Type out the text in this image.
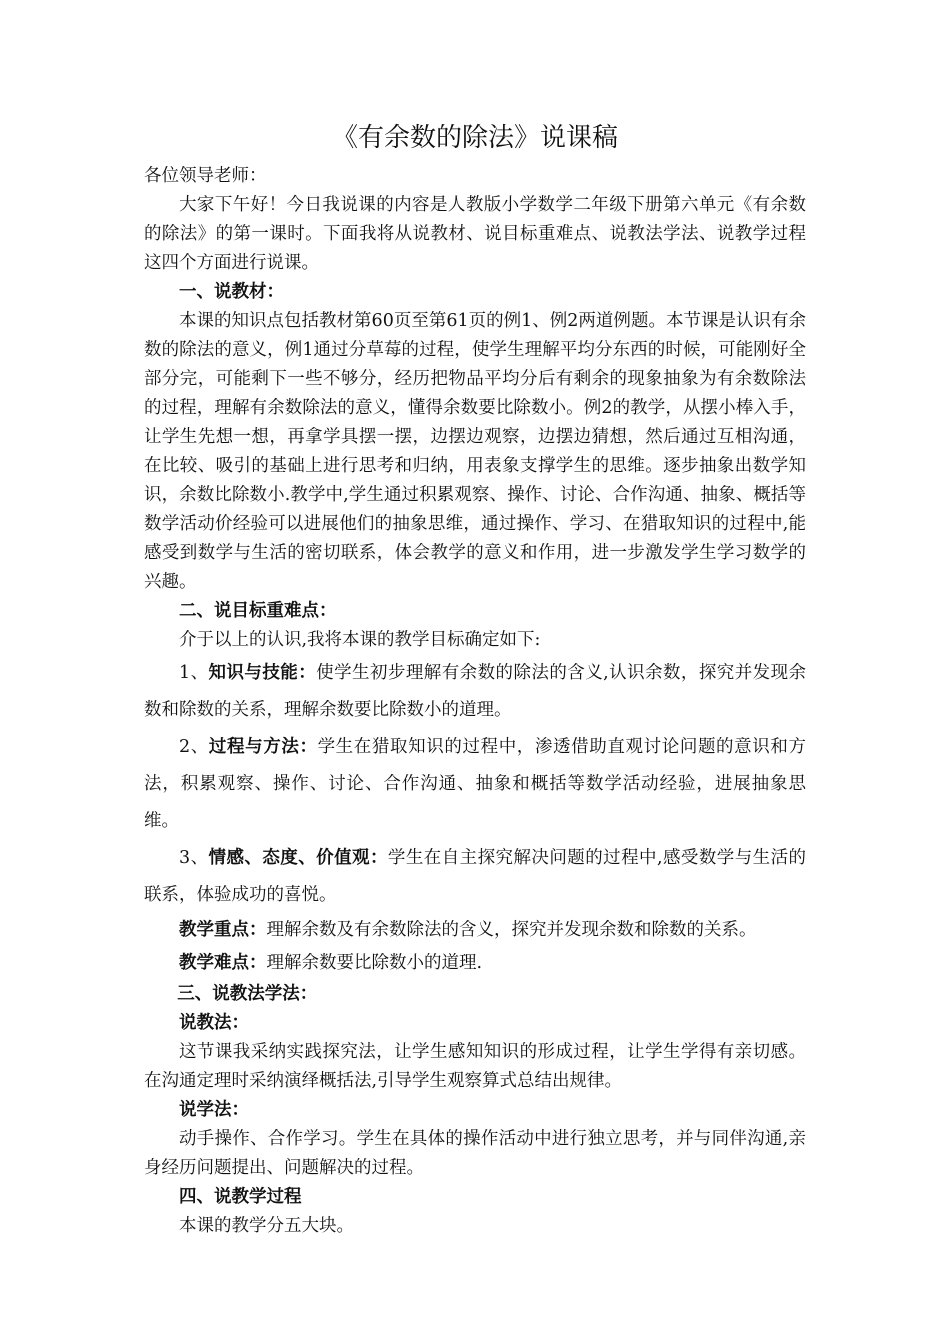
《有余数的除法》说课稿

各位领导老师：

大家下午好！今日我说课的内容是人教版小学数学二年级下册第六单元《有余数的除法》的第一课时。下面我将从说教材、说目标重难点、说教法学法、说教学过程这四个方面进行说课。

一、说教材：

本课的知识点包括教材第60页至第61页的例1、例2两道例题。本节课是认识有余数的除法的意义，例1通过分草莓的过程，使学生理解平均分东西的时候，可能刚好全部分完，可能剩下一些不够分，经历把物品平均分后有剩余的现象抽象为有余数除法的过程，理解有余数除法的意义，懂得余数要比除数小。例2的教学，从摆小棒入手，让学生先想一想，再拿学具摆一摆，边摆边观察，边摆边猜想，然后通过互相沟通，在比较、吸引的基础上进行思考和归纳，用表象支撑学生的思维。逐步抽象出数学知识，余数比除数小.教学中,学生通过积累观察、操作、讨论、合作沟通、抽象、概括等数学活动价经验可以进展他们的抽象思维，通过操作、学习、在猎取知识的过程中,能感受到数学与生活的密切联系，体会教学的意义和作用，进一步激发学生学习数学的兴趣。

二、说目标重难点：

介于以上的认识,我将本课的教学目标确定如下:

1、知识与技能：使学生初步理解有余数的除法的含义,认识余数，探究并发现余数和除数的关系，理解余数要比除数小的道理。

2、过程与方法：学生在猎取知识的过程中，渗透借助直观讨论问题的意识和方法，积累观察、操作、讨论、合作沟通、抽象和概括等数学活动经验，进展抽象思维。

3、情感、态度、价值观：学生在自主探究解决问题的过程中,感受数学与生活的联系，体验成功的喜悦。

教学重点：理解余数及有余数除法的含义，探究并发现余数和除数的关系。

教学难点：理解余数要比除数小的道理.

三、说教法学法：

说教法：

这节课我采纳实践探究法，让学生感知知识的形成过程，让学生学得有亲切感。在沟通定理时采纳演绎概括法,引导学生观察算式总结出规律。

说学法：

动手操作、合作学习。学生在具体的操作活动中进行独立思考，并与同伴沟通,亲身经历问题提出、问题解决的过程。

四、说教学过程

本课的教学分五大块。
